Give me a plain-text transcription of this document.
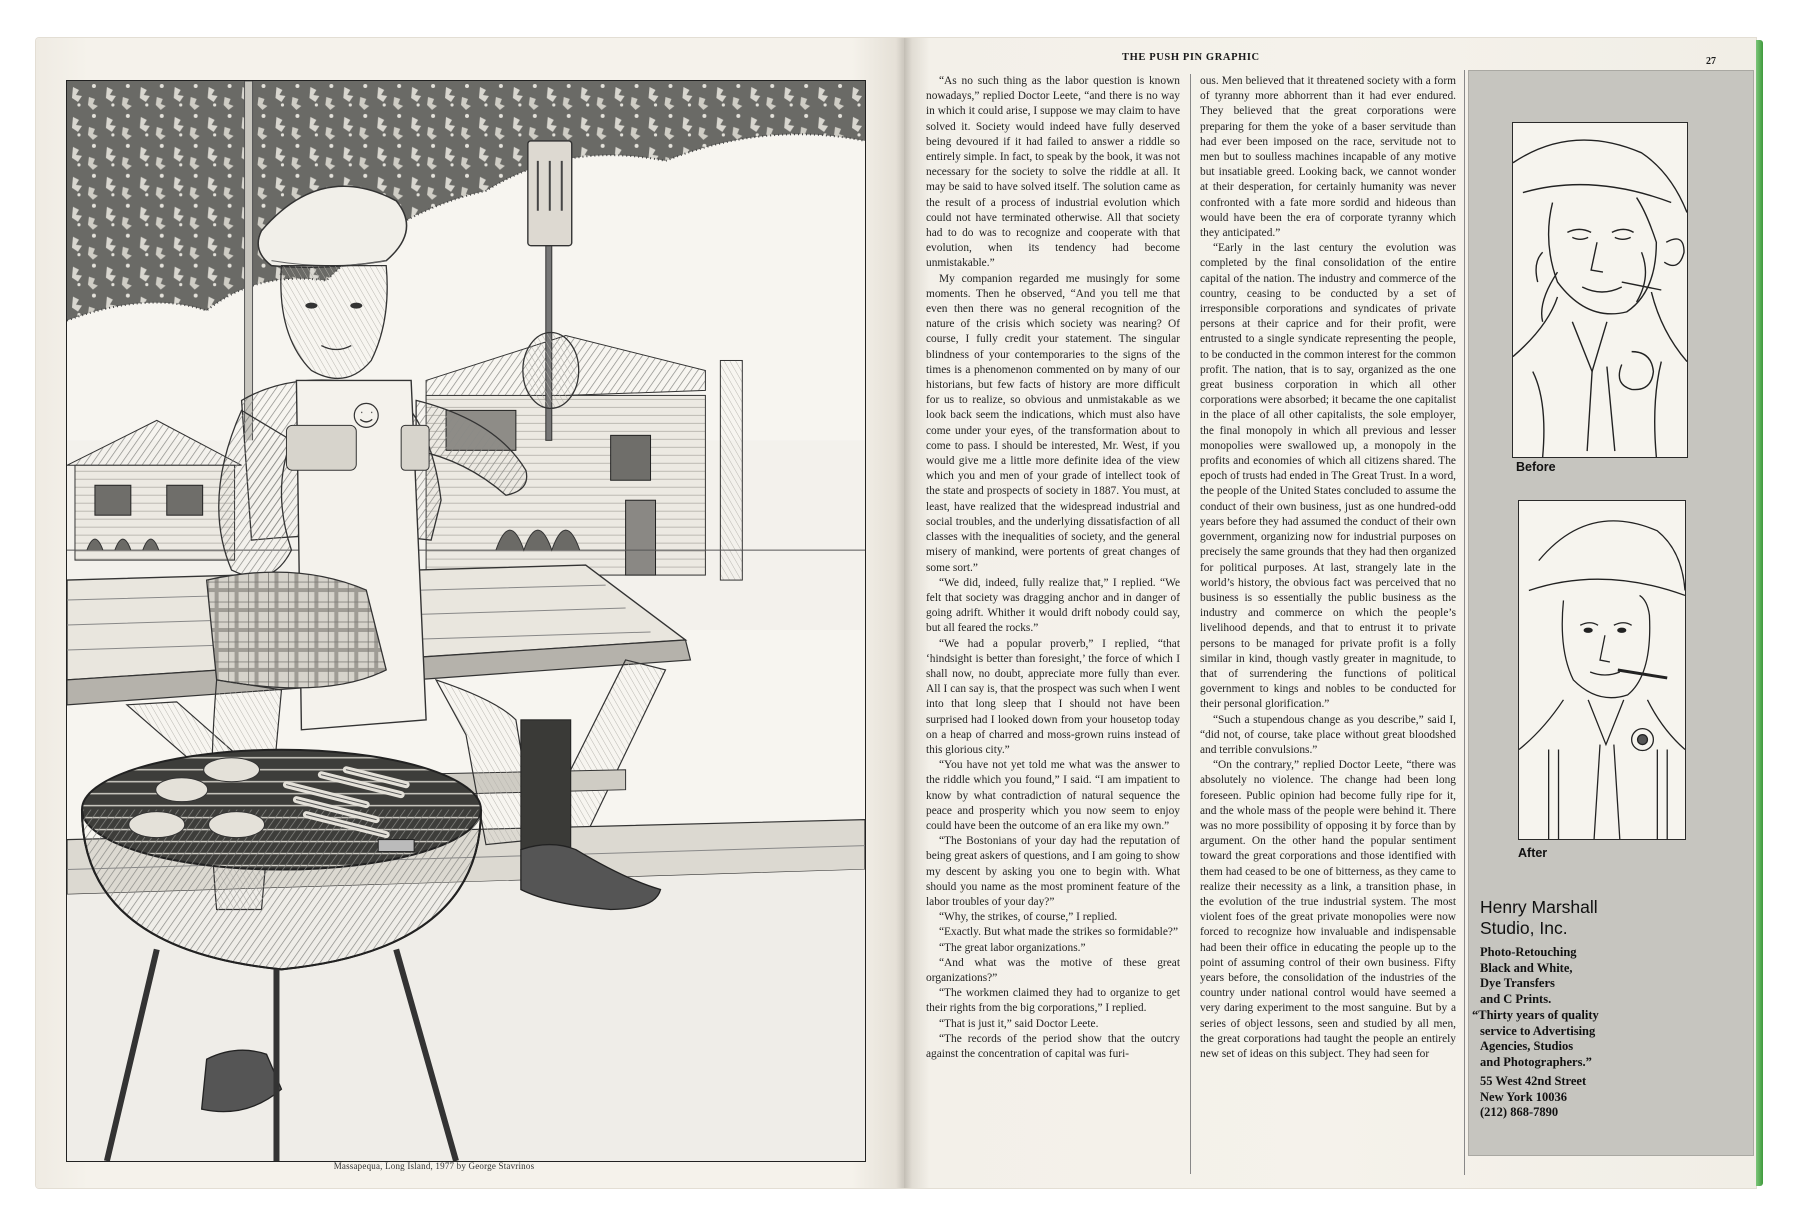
Massapequa, Long Island, 1977 by George Stavrinos
THE PUSH PIN GRAPHIC	27

“As no such thing as the labor question is known nowadays,” replied Doctor Leete, “and there is no way in which it could arise, I suppose we may claim to have solved it. Society would indeed have fully deserved being devoured if it had failed to answer a riddle so entirely simple. In fact, to speak by the book, it was not necessary for the society to solve the riddle at all. It may be said to have solved itself. The solution came as the result of a process of industrial evolution which could not have terminated otherwise. All that society had to do was to recognize and cooperate with that evolution, when its tendency had become unmistakable.”

My companion regarded me musingly for some moments. Then he observed, “And you tell me that even then there was no general recognition of the nature of the crisis which society was nearing? Of course, I fully credit your statement. The singular blindness of your contemporaries to the signs of the times is a phenomenon commented on by many of our historians, but few facts of history are more difficult for us to realize, so obvious and unmistakable as we look back seem the indications, which must also have come under your eyes, of the transformation about to come to pass. I should be interested, Mr. West, if you would give me a little more definite idea of the view which you and men of your grade of intellect took of the state and prospects of society in 1887. You must, at least, have realized that the widespread industrial and social troubles, and the underlying dissatisfaction of all classes with the inequalities of society, and the general misery of mankind, were portents of great changes of some sort.”

“We did, indeed, fully realize that,” I replied. “We felt that society was dragging anchor and in danger of going adrift. Whither it would drift nobody could say, but all feared the rocks.”

“We had a popular proverb,” I replied, “that ‘hindsight is better than foresight,’ the force of which I shall now, no doubt, appreciate more fully than ever. All I can say is, that the prospect was such when I went into that long sleep that I should not have been surprised had I looked down from your housetop today on a heap of charred and moss-grown ruins instead of this glorious city.”

“You have not yet told me what was the answer to the riddle which you found,” I said. “I am impatient to know by what contradiction of natural sequence the peace and prosperity which you now seem to enjoy could have been the outcome of an era like my own.”

“The Bostonians of your day had the reputation of being great askers of questions, and I am going to show my descent by asking you one to begin with. What should you name as the most prominent feature of the labor troubles of your day?”

“Why, the strikes, of course,” I replied.

“Exactly. But what made the strikes so formidable?”

“The great labor organizations.”

“And what was the motive of these great organizations?”

“The workmen claimed they had to organize to get their rights from the big corporations,” I replied.

“That is just it,” said Doctor Leete.

“The records of the period show that the outcry against the concentration of capital was furi-

ous. Men believed that it threatened society with a form of tyranny more abhorrent than it had ever endured. They believed that the great corporations were preparing for them the yoke of a baser servitude than had ever been imposed on the race, servitude not to men but to soulless machines incapable of any motive but insatiable greed. Looking back, we cannot wonder at their desperation, for certainly humanity was never confronted with a fate more sordid and hideous than would have been the era of corporate tyranny which they anticipated.”

“Early in the last century the evolution was completed by the final consolidation of the entire capital of the nation. The industry and commerce of the country, ceasing to be conducted by a set of irresponsible corporations and syndicates of private persons at their caprice and for their profit, were entrusted to a single syndicate representing the people, to be conducted in the common interest for the common profit. The nation, that is to say, organized as the one great business corporation in which all other corporations were absorbed; it became the one capitalist in the place of all other capitalists, the sole employer, the final monopoly in which all previous and lesser monopolies were swallowed up, a monopoly in the profits and economies of which all citizens shared. The epoch of trusts had ended in The Great Trust. In a word, the people of the United States concluded to assume the conduct of their own business, just as one hundred-odd years before they had assumed the conduct of their own government, organizing now for industrial purposes on precisely the same grounds that they had then organized for political purposes. At last, strangely late in the world’s history, the obvious fact was perceived that no business is so essentially the public business as the industry and commerce on which the people’s livelihood depends, and that to entrust it to private persons to be managed for private profit is a folly similar in kind, though vastly greater in magnitude, to that of surrendering the functions of political government to kings and nobles to be conducted for their personal glorification.”

“Such a stupendous change as you describe,” said I, “did not, of course, take place without great bloodshed and terrible convulsions.”

“On the contrary,” replied Doctor Leete, “there was absolutely no violence. The change had been long foreseen. Public opinion had become fully ripe for it, and the whole mass of the people were behind it. There was no more possibility of opposing it by force than by argument. On the other hand the popular sentiment toward the great corporations and those identified with them had ceased to be one of bitterness, as they came to realize their necessity as a link, a transition phase, in the evolution of the true industrial system. The most violent foes of the great private monopolies were now forced to recognize how invaluable and indispensable had been their office in educating the people up to the point of assuming control of their own business. Fifty years before, the consolidation of the industries of the country under national control would have seemed a very daring experiment to the most sanguine. But by a series of object lessons, seen and studied by all men, the great corporations had taught the people an entirely new set of ideas on this subject. They had seen for

Before
After
Henry Marshall
Studio, Inc.
Photo-Retouching
Black and White,
Dye Transfers
and C Prints.
“Thirty years of quality
service to Advertising
Agencies, Studios
and Photographers.”
55 West 42nd Street
New York 10036
(212) 868-7890
